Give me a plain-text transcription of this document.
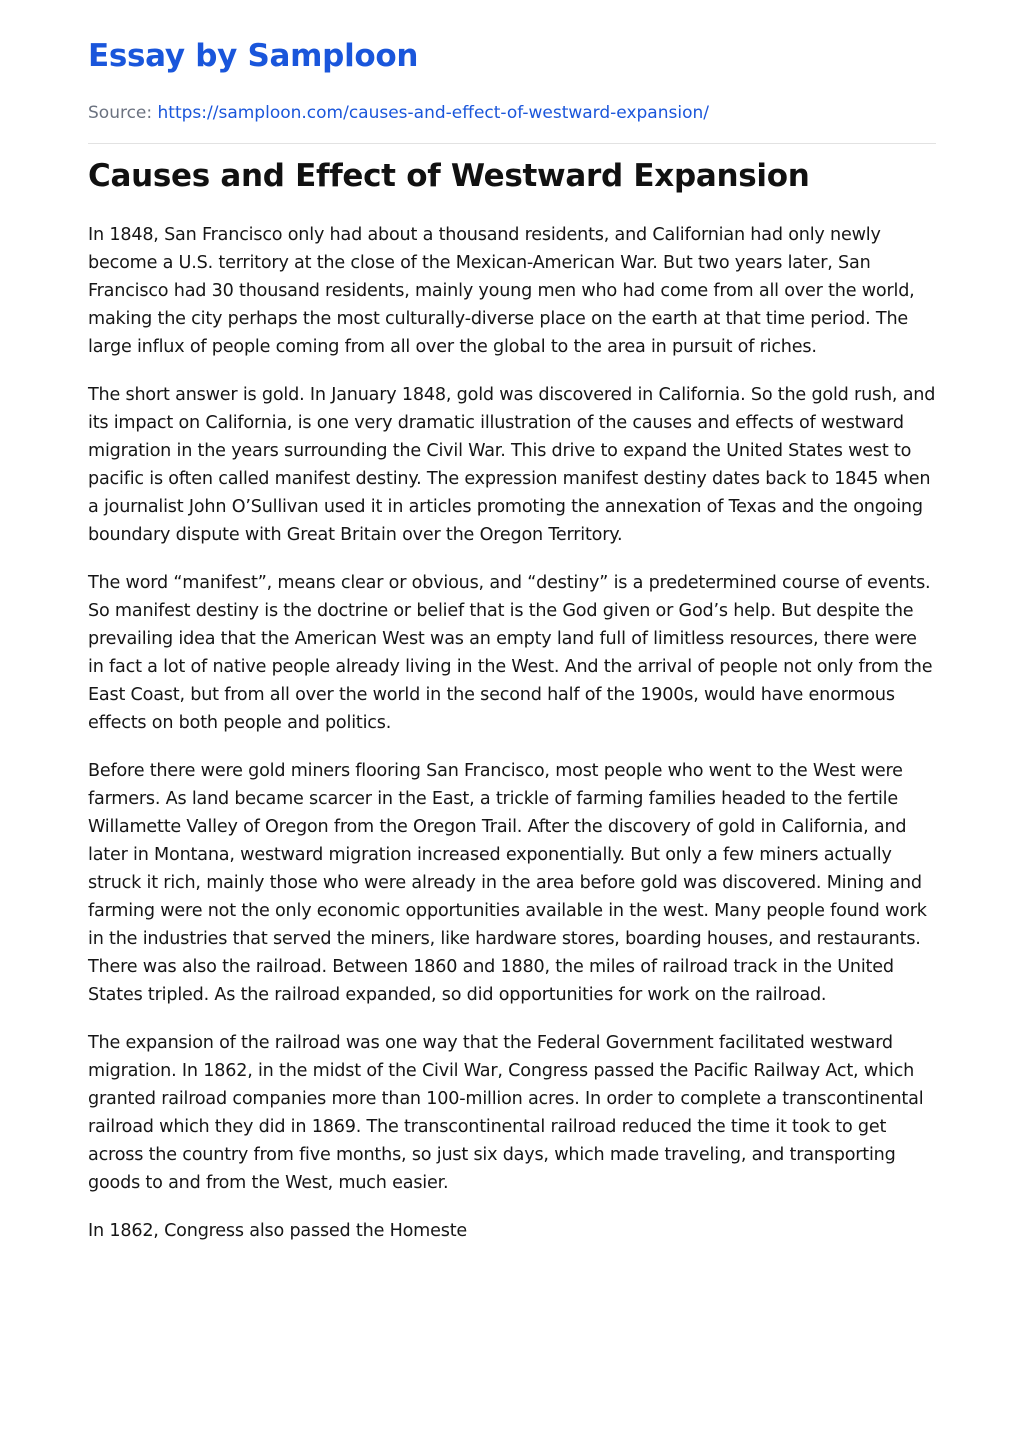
Essay by Samploon
Source: https://samploon.com/causes-and-effect-of-westward-expansion/
Causes and Effect of Westward Expansion

In 1848, San Francisco only had about a thousand residents, and Californian had only newly become a U.S. territory at the close of the Mexican-American War. But two years later, San Francisco had 30 thousand residents, mainly young men who had come from all over the world, making the city perhaps the most culturally-diverse place on the earth at that time period. The large influx of people coming from all over the global to the area in pursuit of riches.

The short answer is gold. In January 1848, gold was discovered in California. So the gold rush, and its impact on California, is one very dramatic illustration of the causes and effects of westward migration in the years surrounding the Civil War. This drive to expand the United States west to pacific is often called manifest destiny. The expression manifest destiny dates back to 1845 when a journalist John O’Sullivan used it in articles promoting the annexation of Texas and the ongoing boundary dispute with Great Britain over the Oregon Territory.

The word “manifest”, means clear or obvious, and “destiny” is a predetermined course of events. So manifest destiny is the doctrine or belief that is the God given or God’s help. But despite the prevailing idea that the American West was an empty land full of limitless resources, there were in fact a lot of native people already living in the West. And the arrival of people not only from the East Coast, but from all over the world in the second half of the 1900s, would have enormous effects on both people and politics.

Before there were gold miners flooring San Francisco, most people who went to the West were farmers. As land became scarcer in the East, a trickle of farming families headed to the fertile Willamette Valley of Oregon from the Oregon Trail. After the discovery of gold in California, and later in Montana, westward migration increased exponentially. But only a few miners actually struck it rich, mainly those who were already in the area before gold was discovered. Mining and farming were not the only economic opportunities available in the west. Many people found work in the industries that served the miners, like hardware stores, boarding houses, and restaurants. There was also the railroad. Between 1860 and 1880, the miles of railroad track in the United States tripled. As the railroad expanded, so did opportunities for work on the railroad.

The expansion of the railroad was one way that the Federal Government facilitated westward migration. In 1862, in the midst of the Civil War, Congress passed the Pacific Railway Act, which granted railroad companies more than 100-million acres. In order to complete a transcontinental railroad which they did in 1869. The transcontinental railroad reduced the time it took to get across the country from five months, so just six days, which made traveling, and transporting goods to and from the West, much easier.

In 1862, Congress also passed the Homeste
